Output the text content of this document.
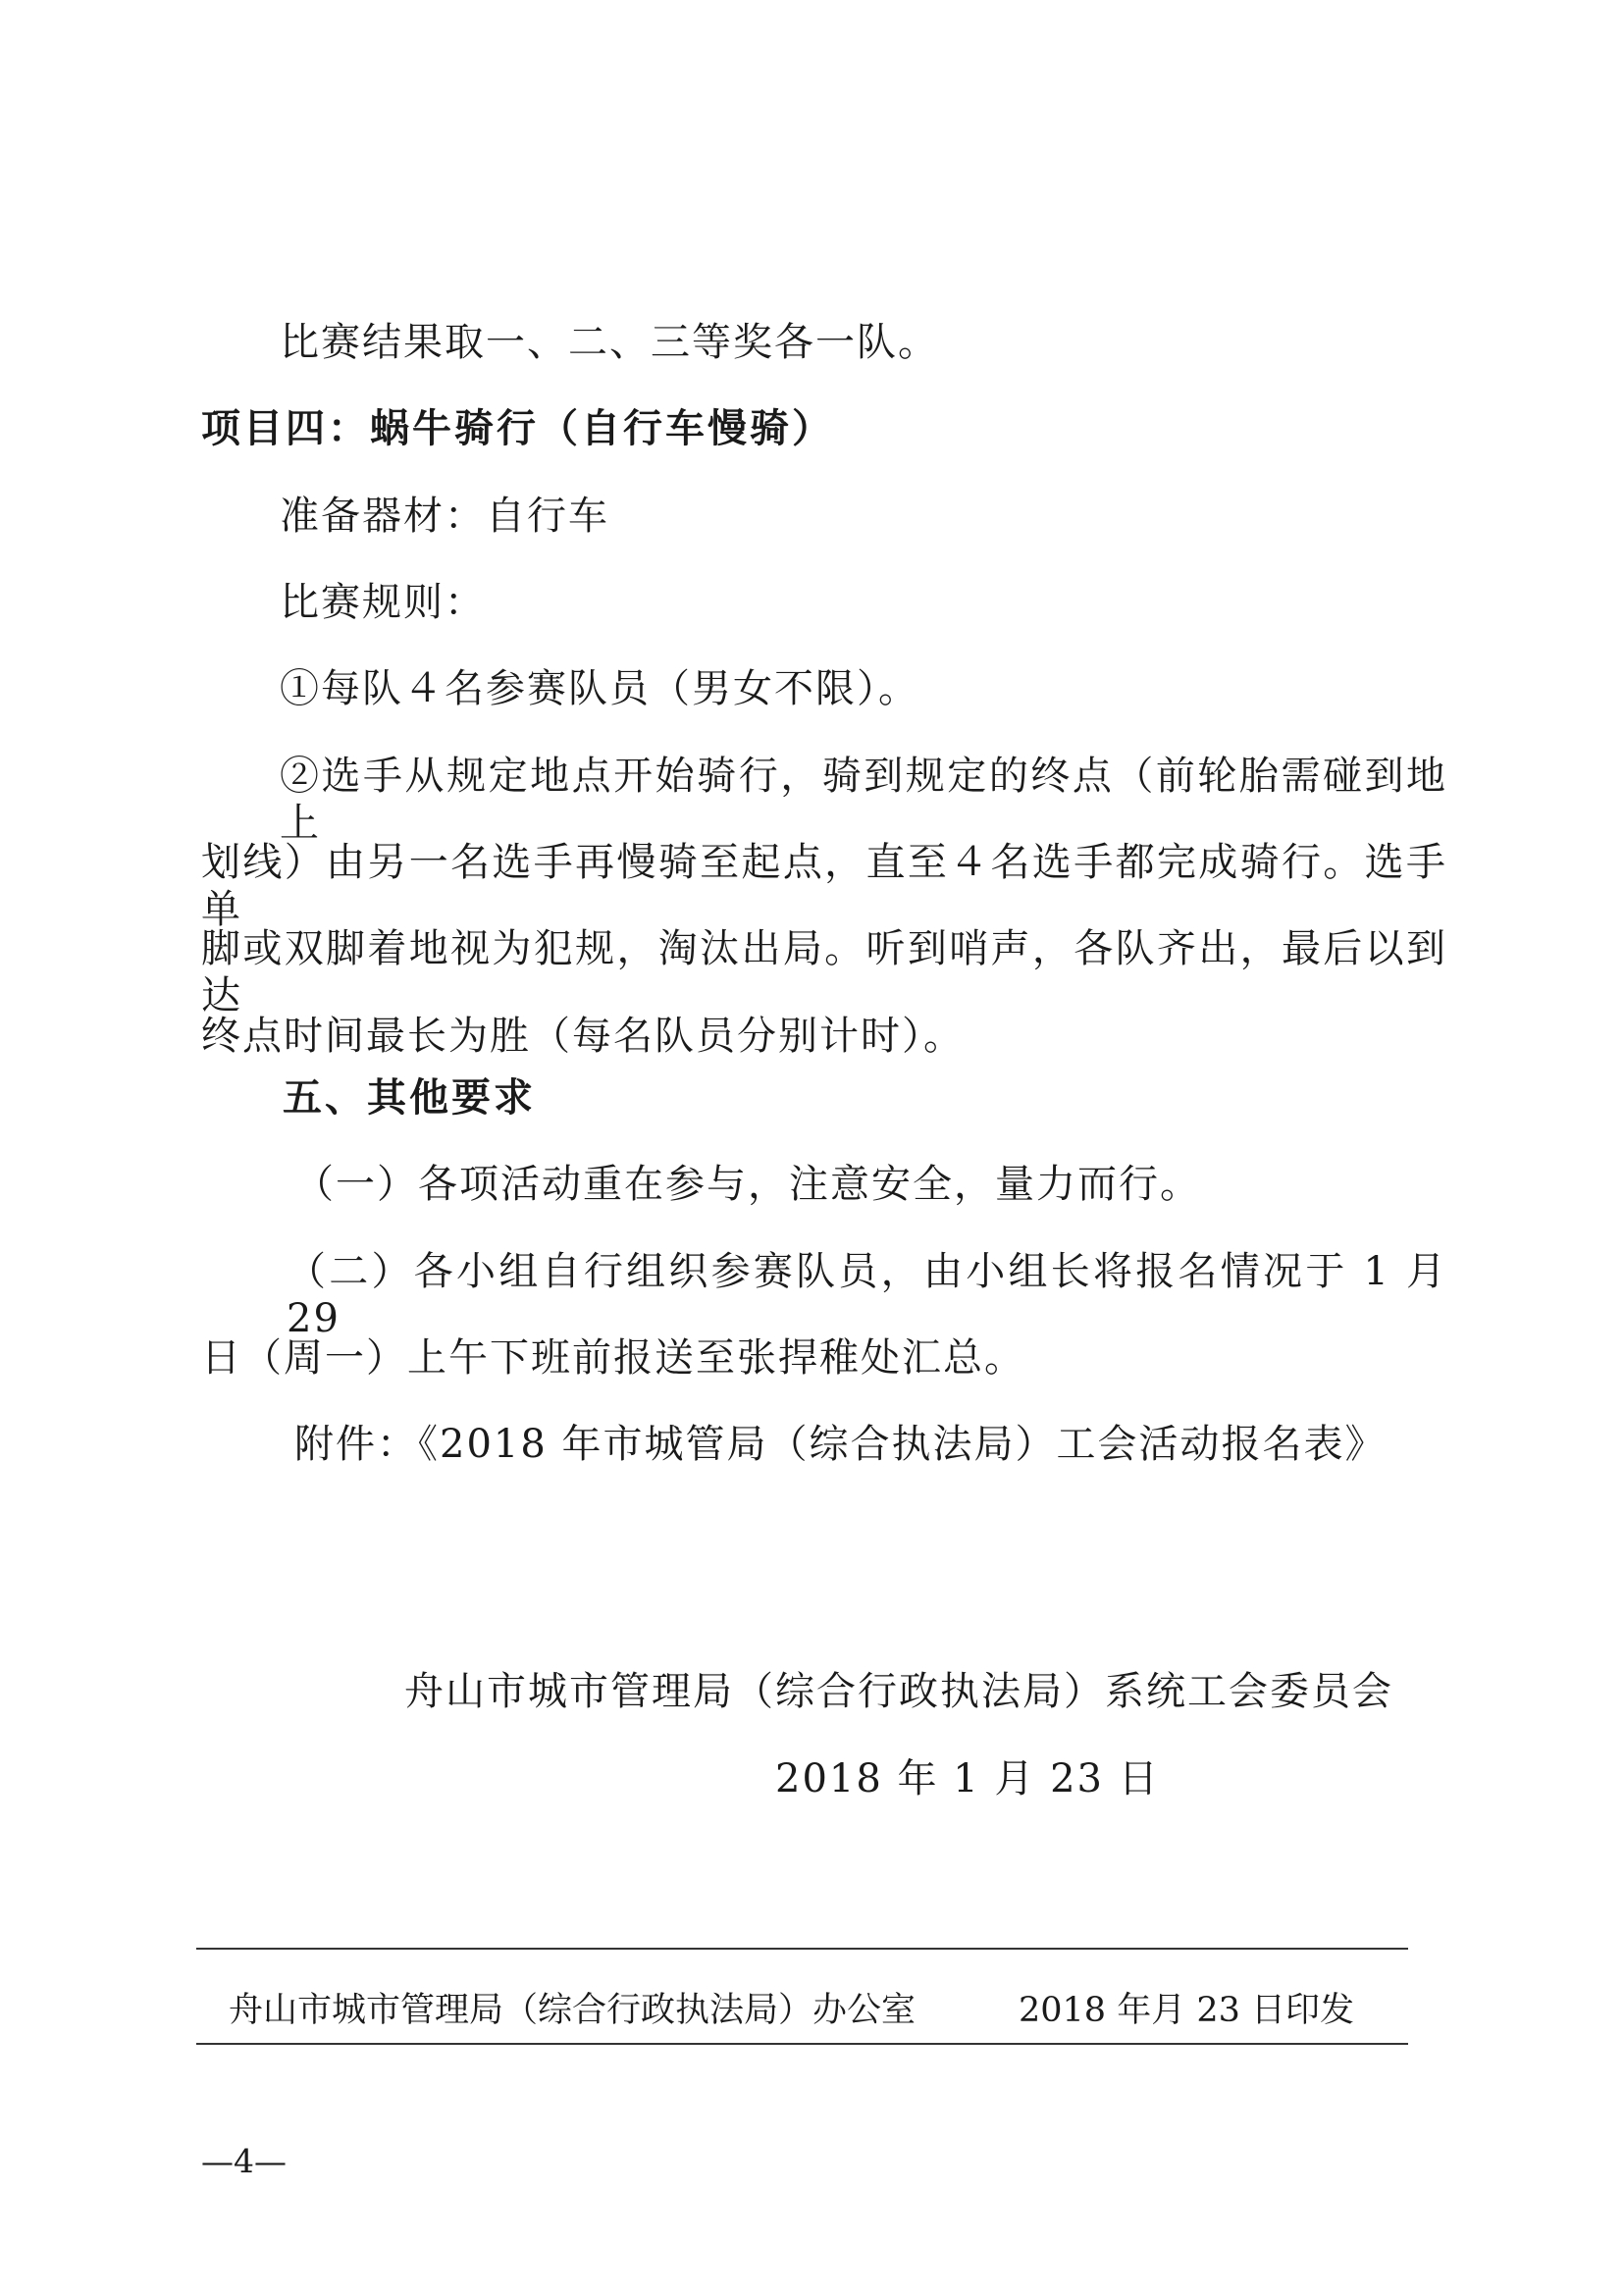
比赛结果取一、二、三等奖各一队。
项目四：蜗牛骑行（自行车慢骑）
准备器材：自行车
比赛规则：
①每队４名参赛队员（男女不限）。
②选手从规定地点开始骑行，骑到规定的终点（前轮胎需碰到地上
划线）由另一名选手再慢骑至起点，直至４名选手都完成骑行。选手单
脚或双脚着地视为犯规，淘汰出局。听到哨声，各队齐出，最后以到达
终点时间最长为胜（每名队员分别计时）。
五、其他要求
（一）各项活动重在参与，注意安全，量力而行。
（二）各小组自行组织参赛队员，由小组长将报名情况于 1 月 29
日（周一）上午下班前报送至张捍稚处汇总。
附件：《2018 年市城管局（综合执法局）工会活动报名表》
舟山市城市管理局（综合行政执法局）系统工会委员会
2018 年 1 月 23 日
舟山市城市管理局（综合行政执法局）办公室	2018 年月 23 日印发
—4—
